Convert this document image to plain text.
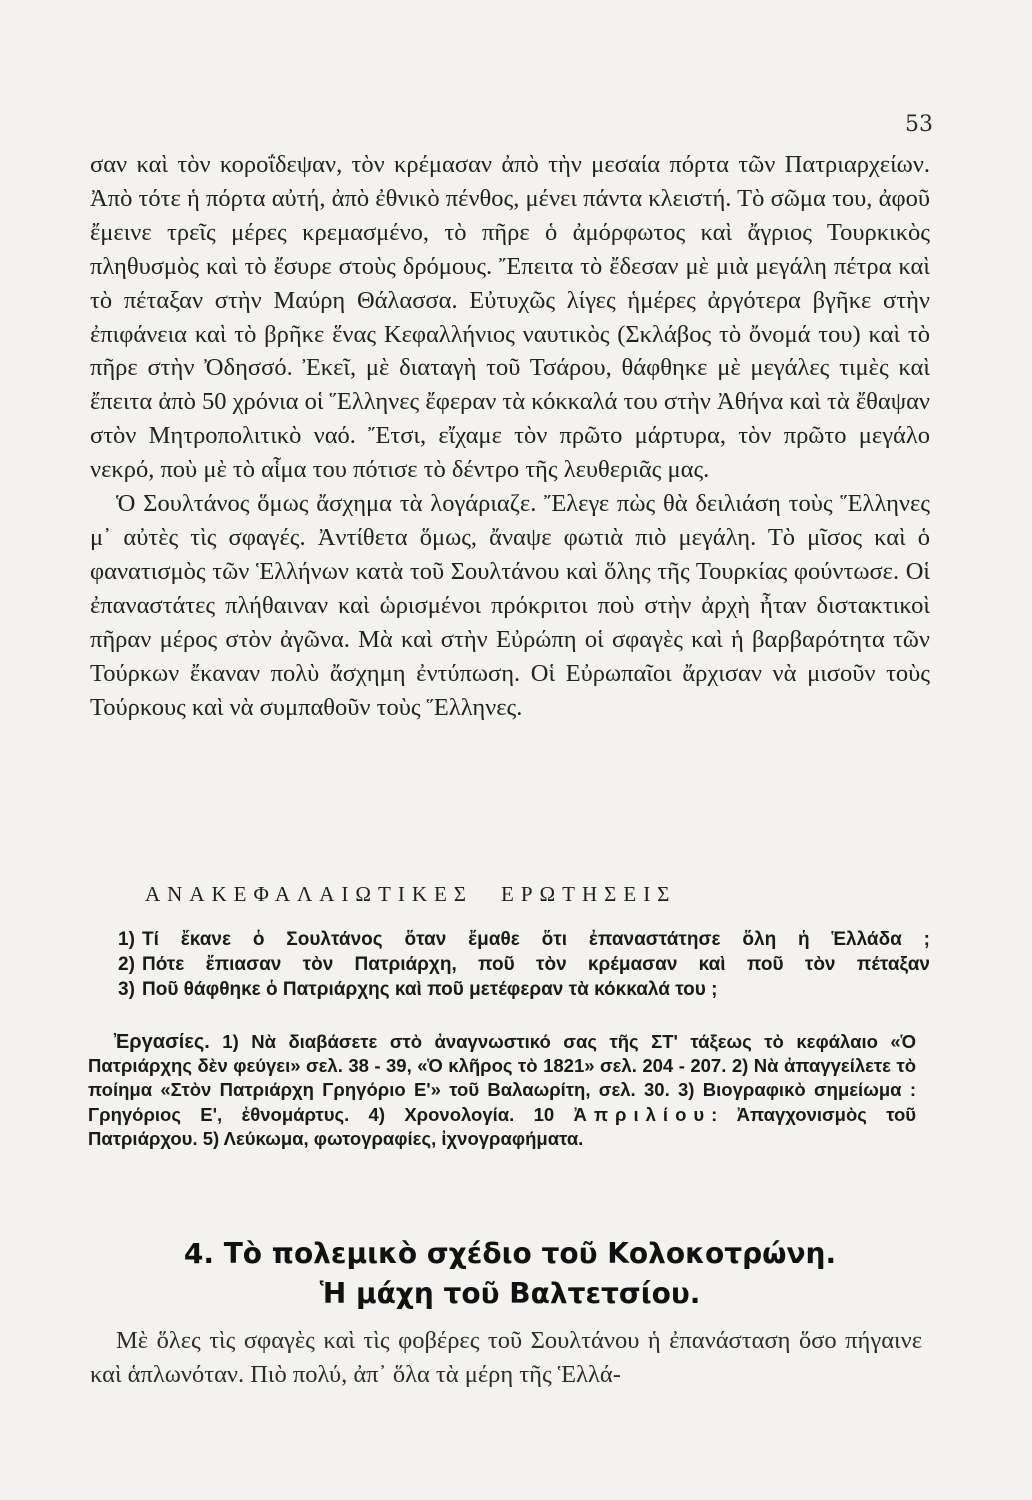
53

σαν καὶ τὸν κοροΐδεψαν, τὸν κρέμασαν ἀπὸ τὴν μεσαία πόρτα τῶν Πατριαρχείων. Ἀπὸ τότε ἡ πόρτα αὐτή, ἀπὸ ἐθνικὸ πένθος, μένει πάντα κλειστή. Τὸ σῶμα του, ἀφοῦ ἔμεινε τρεῖς μέρες κρεμασμένο, τὸ πῆρε ὁ ἀμόρφωτος καὶ ἄγριος Τουρκικὸς πληθυσμὸς καὶ τὸ ἔσυρε στοὺς δρόμους. Ἔπειτα τὸ ἔδεσαν μὲ μιὰ μεγάλη πέτρα καὶ τὸ πέταξαν στὴν Μαύρη Θάλασσα. Εὐτυχῶς λίγες ἡμέρες ἀργότερα βγῆκε στὴν ἐπιφάνεια καὶ τὸ βρῆκε ἕνας Κεφαλλήνιος ναυτικὸς (Σκλάβος τὸ ὄνομά του) καὶ τὸ πῆρε στὴν Ὀδησσό. Ἐκεῖ, μὲ διαταγὴ τοῦ Τσάρου, θάφθηκε μὲ μεγάλες τιμὲς καὶ ἔπειτα ἀπὸ 50 χρόνια οἱ Ἕλληνες ἔφεραν τὰ κόκκαλά του στὴν Ἀθήνα καὶ τὰ ἔθαψαν στὸν Μητροπολιτικὸ ναό. Ἔτσι, εἴχαμε τὸν πρῶτο μάρτυρα, τὸν πρῶτο μεγάλο νεκρό, ποὺ μὲ τὸ αἷμα του πότισε τὸ δέντρο τῆς λευθεριᾶς μας.

Ὁ Σουλτάνος ὅμως ἄσχημα τὰ λογάριαζε. Ἔλεγε πὼς θὰ δειλιάση τοὺς Ἕλληνες μ᾿ αὐτὲς τὶς σφαγές. Ἀντίθετα ὅμως, ἄναψε φωτιὰ πιὸ μεγάλη. Τὸ μῖσος καὶ ὁ φανατισμὸς τῶν Ἑλλήνων κατὰ τοῦ Σουλτάνου καὶ ὅλης τῆς Τουρκίας φούντωσε. Οἱ ἐπαναστάτες πλήθαιναν καὶ ὡρισμένοι πρόκριτοι ποὺ στὴν ἀρχὴ ἦταν διστακτικοὶ πῆραν μέρος στὸν ἀγῶνα. Μὰ καὶ στὴν Εὐρώπη οἱ σφαγὲς καὶ ἡ βαρβαρότητα τῶν Τούρκων ἔκαναν πολὺ ἄσχημη ἐντύπωση. Οἱ Εὐρωπαῖοι ἄρχισαν νὰ μισοῦν τοὺς Τούρκους καὶ νὰ συμπαθοῦν τοὺς Ἕλληνες.

ΑΝΑΚΕΦΑΛΑΙΩΤΙΚΕΣ ΕΡΩΤΗΣΕΙΣ
1) Τί ἔκανε ὁ Σουλτάνος ὅταν ἔμαθε ὅτι ἐπαναστάτησε ὅλη ἡ Ἑλλάδα ;
2) Πότε ἔπιασαν τὸν Πατριάρχη, ποῦ τὸν κρέμασαν καὶ ποῦ τὸν πέταξαν
3) Ποῦ θάφθηκε ὁ Πατριάρχης καὶ ποῦ μετέφεραν τὰ κόκκαλά του ;
Ἐργασίες. 1) Νὰ διαβάσετε στὸ ἀναγνωστικό σας τῆς ΣΤ' τάξεως τὸ κεφάλαιο «Ὁ Πατριάρχης δὲν φεύγει» σελ. 38 - 39, «Ὁ κλῆρος τὸ 1821» σελ. 204 - 207. 2) Νὰ ἀπαγγείλετε τὸ ποίημα «Στὸν Πατριάρχη Γρηγόριο Ε'» τοῦ Βαλαωρίτη, σελ. 30. 3) Βιογραφικὸ σημείωμα : Γρηγόριος Ε', ἐθνομάρτυς. 4) Χρονολογία. 10 Ἀπριλίου: Ἀπαγχονισμὸς τοῦ Πατριάρχου. 5) Λεύκωμα, φωτογραφίες, ἰχνογραφήματα.
4. Τὸ πολεμικὸ σχέδιο τοῦ Κολοκοτρώνη.
Ἡ μάχη τοῦ Βαλτετσίου.
Μὲ ὅλες τὶς σφαγὲς καὶ τὶς φοβέρες τοῦ Σουλτάνου ἡ ἐπανάσταση ὅσο πήγαινε καὶ ἁπλωνόταν. Πιὸ πολύ, ἀπ᾿ ὅλα τὰ μέρη τῆς Ἑλλά-
